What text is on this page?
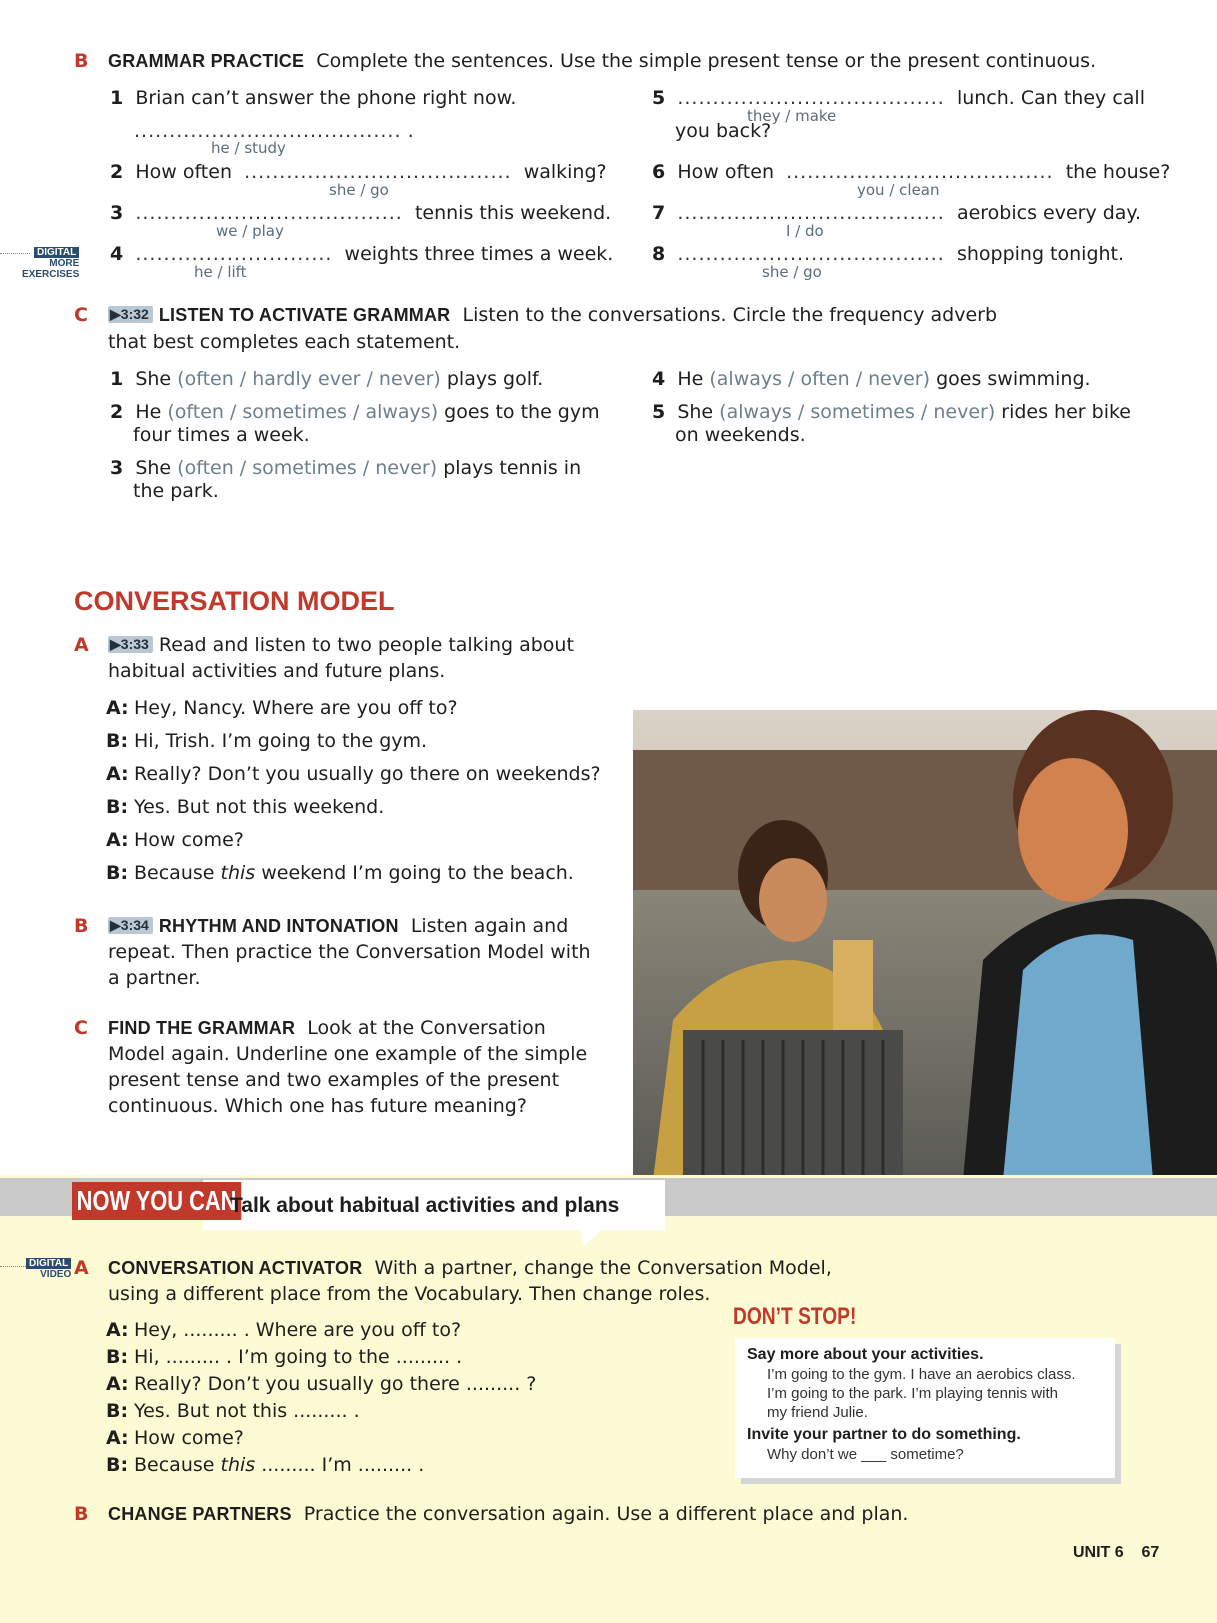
B GRAMMAR PRACTICE Complete the sentences. Use the simple present tense or the present continuous.
1 Brian can’t answer the phone right now.
...................................... .
he / study
2 How often ...................................... walking?
she / go
3 ...................................... tennis this weekend.
we / play
4 ............................ weights three times a week.
he / lift
DIGITAL
MORE
EXERCISES
5 ...................................... lunch. Can they call
they / make
you back?
6 How often ...................................... the house?
you / clean
7 ...................................... aerobics every day.
I / do
8 ...................................... shopping tonight.
she / go
C ▶3:32 LISTEN TO ACTIVATE GRAMMAR Listen to the conversations. Circle the frequency adverb
that best completes each statement.
1 She (often / hardly ever / never) plays golf.
2 He (often / sometimes / always) goes to the gym
four times a week.
3 She (often / sometimes / never) plays tennis in
the park.
4 He (always / often / never) goes swimming.
5 She (always / sometimes / never) rides her bike
on weekends.
CONVERSATION MODEL
A ▶3:33 Read and listen to two people talking about
habitual activities and future plans.
A: Hey, Nancy. Where are you off to?
B: Hi, Trish. I’m going to the gym.
A: Really? Don’t you usually go there on weekends?
B: Yes. But not this weekend.
A: How come?
B: Because this weekend I’m going to the beach.
B ▶3:34 RHYTHM AND INTONATION Listen again and
repeat. Then practice the Conversation Model with
a partner.
C FIND THE GRAMMAR Look at the Conversation
Model again. Underline one example of the simple
present tense and two examples of the present
continuous. Which one has future meaning?
NOW YOU CAN
Talk about habitual activities and plans
DIGITAL
VIDEO A CONVERSATION ACTIVATOR With a partner, change the Conversation Model,
using a different place from the Vocabulary. Then change roles.
A: Hey, ......... . Where are you off to?
B: Hi, ......... . I’m going to the ......... .
A: Really? Don’t you usually go there ......... ?
B: Yes. But not this ......... .
A: How come?
B: Because this ......... I’m ......... .
DON’T STOP!
Say more about your activities.
I’m going to the gym. I have an aerobics class.
I’m going to the park. I’m playing tennis with
my friend Julie.
Invite your partner to do something.
Why don’t we ___ sometime?
B CHANGE PARTNERS Practice the conversation again. Use a different place and plan.
UNIT 6 67
